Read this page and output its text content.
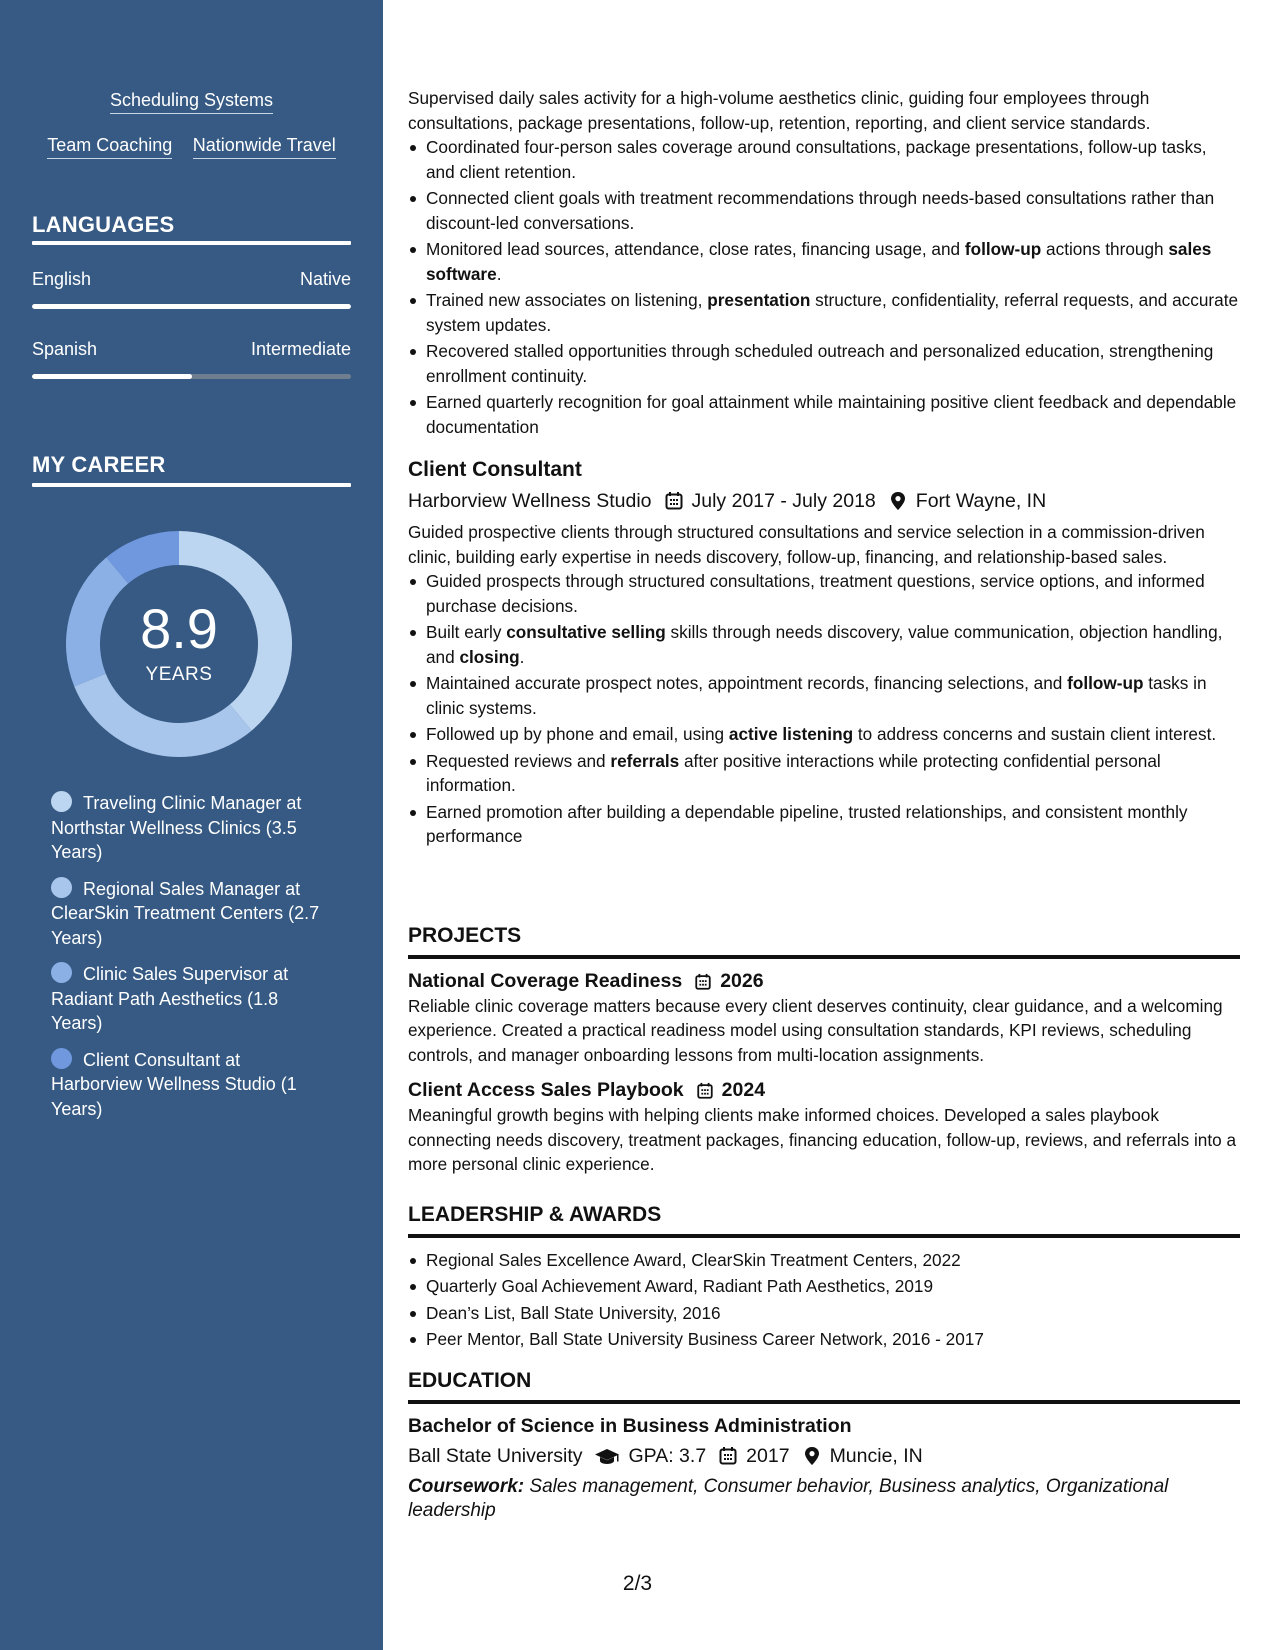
Scheduling Systems
Team Coaching Nationwide Travel
LANGUAGES
English	Native
Spanish	Intermediate
MY CAREER
8.9
YEARS
Traveling Clinic Manager at Northstar Wellness Clinics (3.5 Years)
Regional Sales Manager at ClearSkin Treatment Centers (2.7 Years)
Clinic Sales Supervisor at Radiant Path Aesthetics (1.8 Years)
Client Consultant at Harborview Wellness Studio (1 Years)

Supervised daily sales activity for a high-volume aesthetics clinic, guiding four employees through consultations, package presentations, follow-up, retention, reporting, and client service standards.

Coordinated four-person sales coverage around consultations, package presentations, follow-up tasks, and client retention.
Connected client goals with treatment recommendations through needs-based consultations rather than discount-led conversations.
Monitored lead sources, attendance, close rates, financing usage, and follow-up actions through sales software.
Trained new associates on listening, presentation structure, confidentiality, referral requests, and accurate system updates.
Recovered stalled opportunities through scheduled outreach and personalized education, strengthening enrollment continuity.
Earned quarterly recognition for goal attainment while maintaining positive client feedback and dependable documentation
Client Consultant
Harborview Wellness Studio July 2017 - July 2018 Fort Wayne, IN

Guided prospective clients through structured consultations and service selection in a commission-driven clinic, building early expertise in needs discovery, follow-up, financing, and relationship-based sales.

Guided prospects through structured consultations, treatment questions, service options, and informed purchase decisions.
Built early consultative selling skills through needs discovery, value communication, objection handling, and closing.
Maintained accurate prospect notes, appointment records, financing selections, and follow-up tasks in clinic systems.
Followed up by phone and email, using active listening to address concerns and sustain client interest.
Requested reviews and referrals after positive interactions while protecting confidential personal information.
Earned promotion after building a dependable pipeline, trusted relationships, and consistent monthly performance
PROJECTS
National Coverage Readiness 2026

Reliable clinic coverage matters because every client deserves continuity, clear guidance, and a welcoming experience. Created a practical readiness model using consultation standards, KPI reviews, scheduling controls, and manager onboarding lessons from multi-location assignments.

Client Access Sales Playbook 2024

Meaningful growth begins with helping clients make informed choices. Developed a sales playbook connecting needs discovery, treatment packages, financing education, follow-up, reviews, and referrals into a more personal clinic experience.

LEADERSHIP & AWARDS
Regional Sales Excellence Award, ClearSkin Treatment Centers, 2022
Quarterly Goal Achievement Award, Radiant Path Aesthetics, 2019
Dean’s List, Ball State University, 2016
Peer Mentor, Ball State University Business Career Network, 2016 - 2017
EDUCATION
Bachelor of Science in Business Administration
Ball State University GPA: 3.7 2017 Muncie, IN

Coursework: Sales management, Consumer behavior, Business analytics, Organizational leadership

2/3
